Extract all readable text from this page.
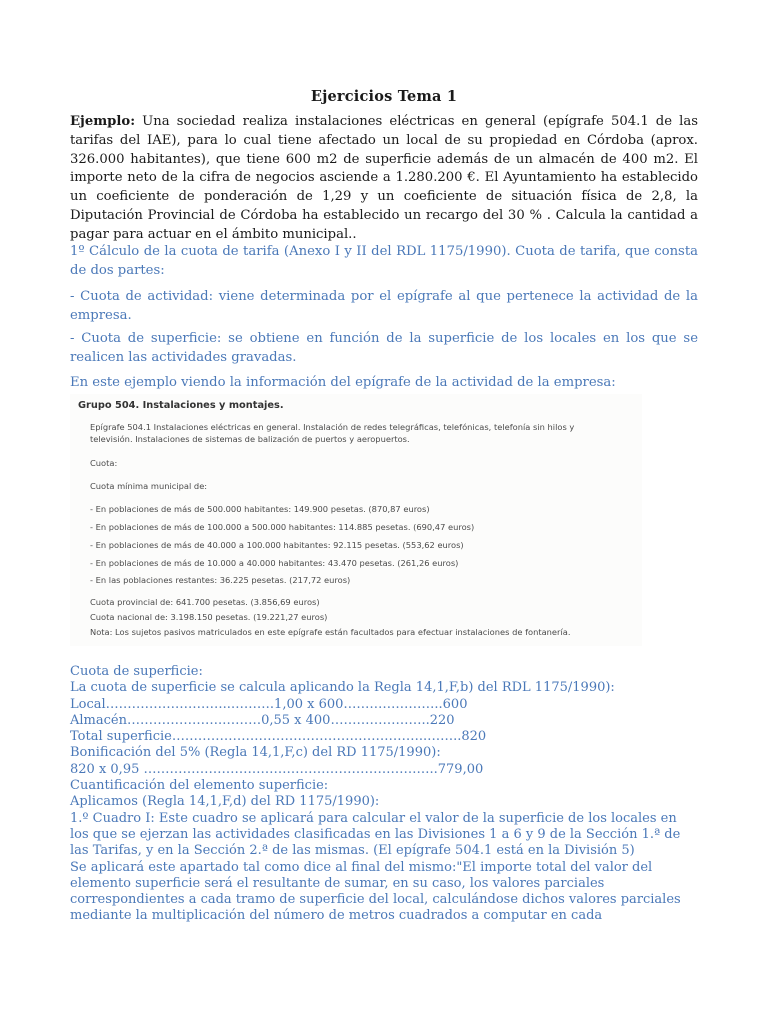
Ejercicios Tema 1
Ejemplo: Una sociedad realiza instalaciones eléctricas en general (epígrafe 504.1 de las tarifas del IAE), para lo cual tiene afectado un local de su propiedad en Córdoba (aprox. 326.000 habitantes), que tiene 600 m2 de superficie además de un almacén de 400 m2. El importe neto de la cifra de negocios asciende a 1.280.200 €. El Ayuntamiento ha establecido un coeficiente de ponderación de 1,29 y un coeficiente de situación física de 2,8, la Diputación Provincial de Córdoba ha establecido un recargo del 30 % . Calcula la cantidad a pagar para actuar en el ámbito municipal..
1º Cálculo de la cuota de tarifa (Anexo I y II del RDL 1175/1990). Cuota de tarifa, que consta de dos partes:
- Cuota de actividad: viene determinada por el epígrafe al que pertenece la actividad de la empresa.
- Cuota de superficie: se obtiene en función de la superficie de los locales en los que se realicen las actividades gravadas.
En este ejemplo viendo la información del epígrafe de la actividad de la empresa:
Grupo 504. Instalaciones y montajes.
Epígrafe 504.1 Instalaciones eléctricas en general. Instalación de redes telegráficas, telefónicas, telefonía sin hilos y
televisión. Instalaciones de sistemas de balización de puertos y aeropuertos.
Cuota:
Cuota mínima municipal de:
- En poblaciones de más de 500.000 habitantes: 149.900 pesetas. (870,87 euros)
- En poblaciones de más de 100.000 a 500.000 habitantes: 114.885 pesetas. (690,47 euros)
- En poblaciones de más de 40.000 a 100.000 habitantes: 92.115 pesetas. (553,62 euros)
- En poblaciones de más de 10.000 a 40.000 habitantes: 43.470 pesetas. (261,26 euros)
- En las poblaciones restantes: 36.225 pesetas. (217,72 euros)
Cuota provincial de: 641.700 pesetas. (3.856,69 euros)
Cuota nacional de: 3.198.150 pesetas. (19.221,27 euros)
Nota: Los sujetos pasivos matriculados en este epígrafe están facultados para efectuar instalaciones de fontanería.
Cuota de superficie:
La cuota de superficie se calcula aplicando la Regla 14,1,F,b) del RDL 1175/1990):
Local………………………..……….1,00 x 600…………………..600
Almacén………………….………0,55 x 400…………………..220
Total superficie…………………………………………………..……..820
Bonificación del 5% (Regla 14,1,F,c) del RD 1175/1990):
820 x 0,95 …………………………………………………………..779,00
Cuantificación del elemento superficie:
Aplicamos (Regla 14,1,F,d) del RD 1175/1990):
1.º Cuadro I: Este cuadro se aplicará para calcular el valor de la superficie de los locales en los que se ejerzan las actividades clasificadas en las Divisiones 1 a 6 y 9 de la Sección 1.ª de las Tarifas, y en la Sección 2.ª de las mismas. (El epígrafe 504.1 está en la División 5)
Se aplicará este apartado tal como dice al final del mismo:"El importe total del valor del elemento superficie será el resultante de sumar, en su caso, los valores parciales correspondientes a cada tramo de superficie del local, calculándose dichos valores parciales mediante la multiplicación del número de metros cuadrados a computar en cada
